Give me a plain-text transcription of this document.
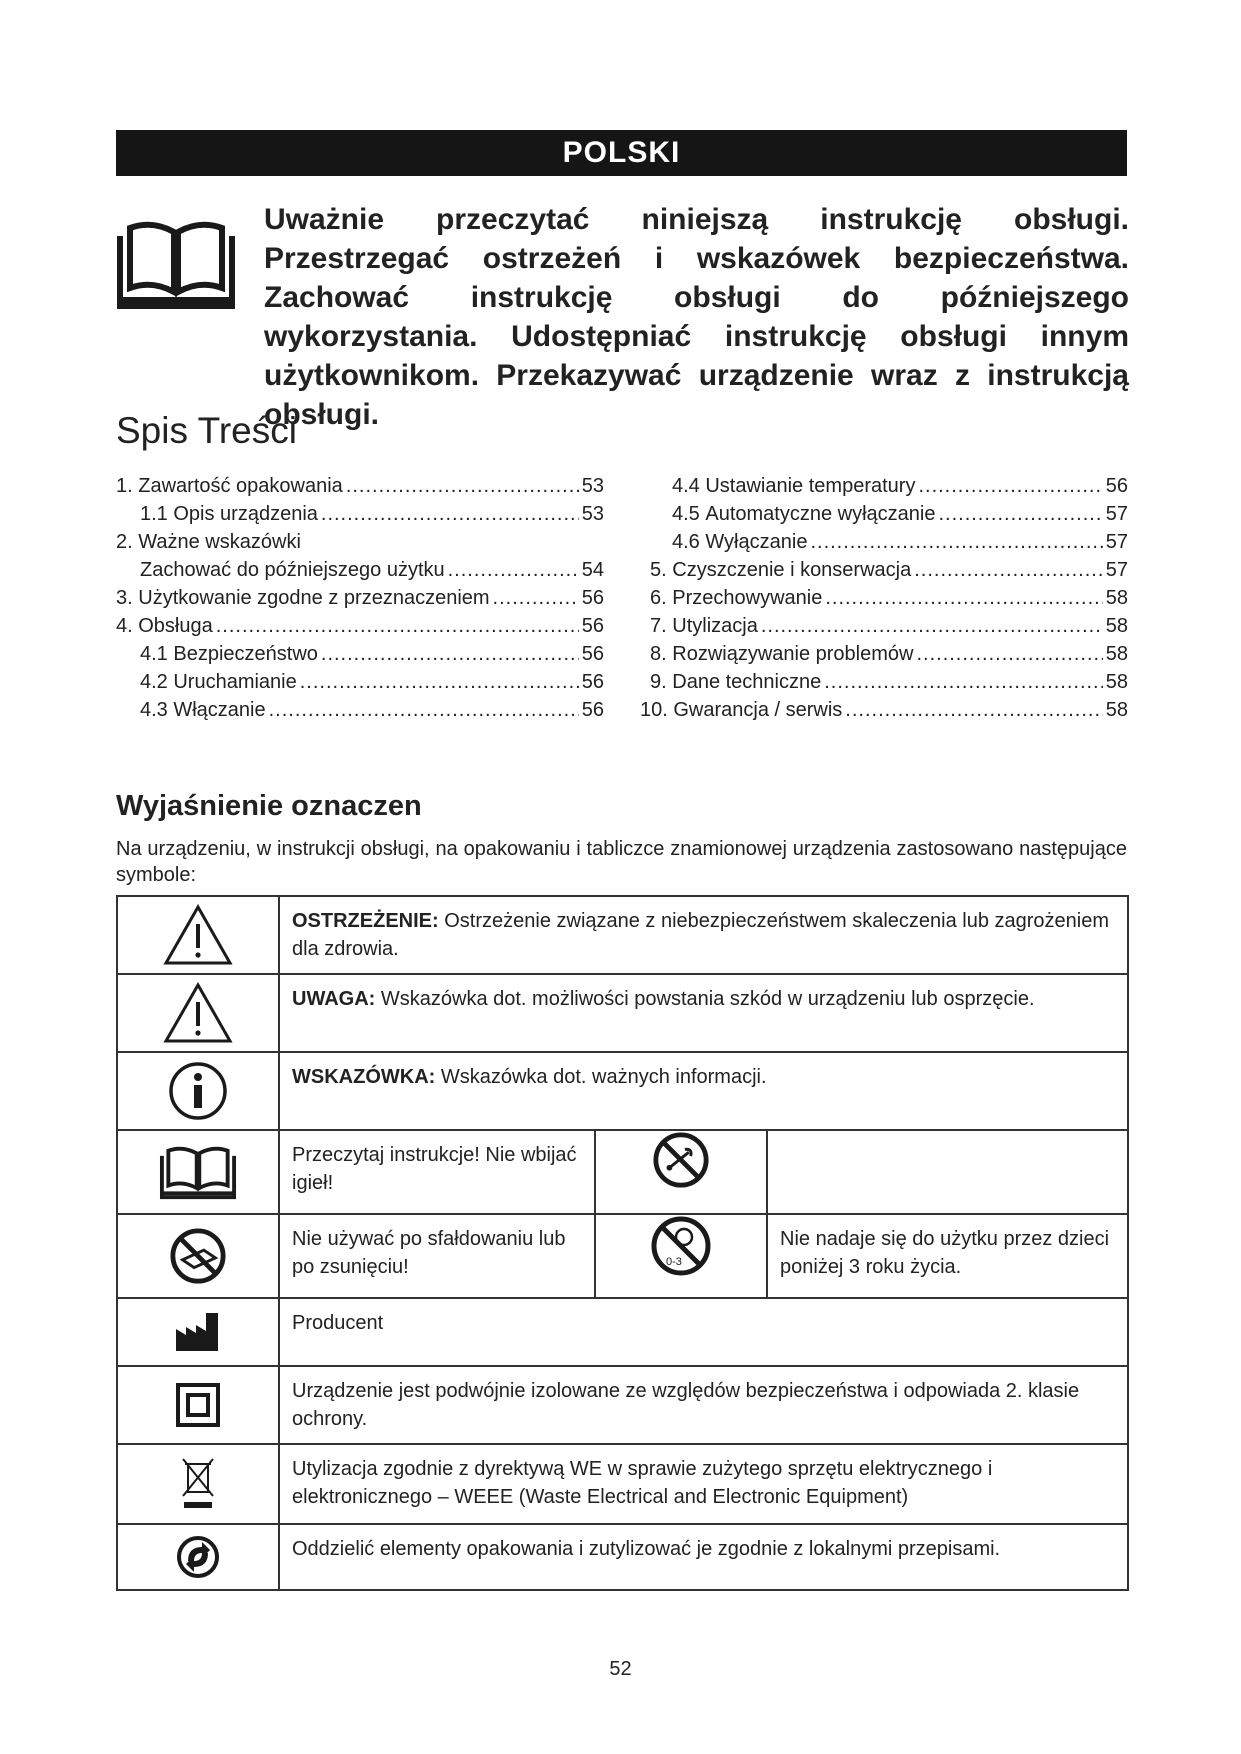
POLSKI

Uważnie przeczytać niniejszą instrukcję obsługi. Przestrzegać ostrzeżeń i wskazówek bezpieczeństwa. Zachować instrukcję obsługi do późniejszego wykorzystania. Udostępniać instrukcję obsługi innym użytkownikom. Przekazywać urządzenie wraz z instrukcją obsługi.

Spis Treści
1. Zawartość opakowania .....	53
1.1 Opis urządzenia .....	53
2. Ważne wskazówki
Zachować do późniejszego użytku .....	54
3. Użytkowanie zgodne z przeznaczeniem .....	56
4. Obsługa .....	56
4.1 Bezpieczeństwo .....	56
4.2 Uruchamianie .....	56
4.3 Włączanie .....	56
4.4 Ustawianie temperatury .....	56
4.5 Automatyczne wyłączanie .....	57
4.6 Wyłączanie .....	57
5. Czyszczenie i konserwacja .....	57
6. Przechowywanie .....	58
7. Utylizacja .....	58
8. Rozwiązywanie problemów .....	58
9. Dane techniczne .....	58
10. Gwarancja / serwis .....	58
Wyjaśnienie oznaczen

Na urządzeniu, w instrukcji obsługi, na opakowaniu i tabliczce znamionowej urządzenia zastosowano następujące symbole:

	OSTRZEŻENIE: Ostrzeżenie związane z niebezpieczeństwem skaleczenia lub zagrożeniem dla zdrowia.		

	UWAGA: Wskazówka dot. możliwości powstania szkód w urządzeniu lub osprzęcie.		

	WSKAZÓWKA: Wskazówka dot. ważnych informacji.		

	Przeczytaj instrukcje! Nie wbijać igieł!		

	Nie używać po sfałdowaniu lub po zsunięciu!	0-3	Nie nadaje się do użytku przez dzieci poniżej 3 roku życia.

	Producent		

	Urządzenie jest podwójnie izolowane ze względów bezpieczeństwa i odpowiada 2. klasie ochrony.		

	Utylizacja zgodnie z dyrektywą WE w sprawie zużytego sprzętu elektrycznego i elektronicznego – WEEE (Waste Electrical and Electronic Equipment)		

	Oddzielić elementy opakowania i zutylizować je zgodnie z lokalnymi przepisami.		
52
